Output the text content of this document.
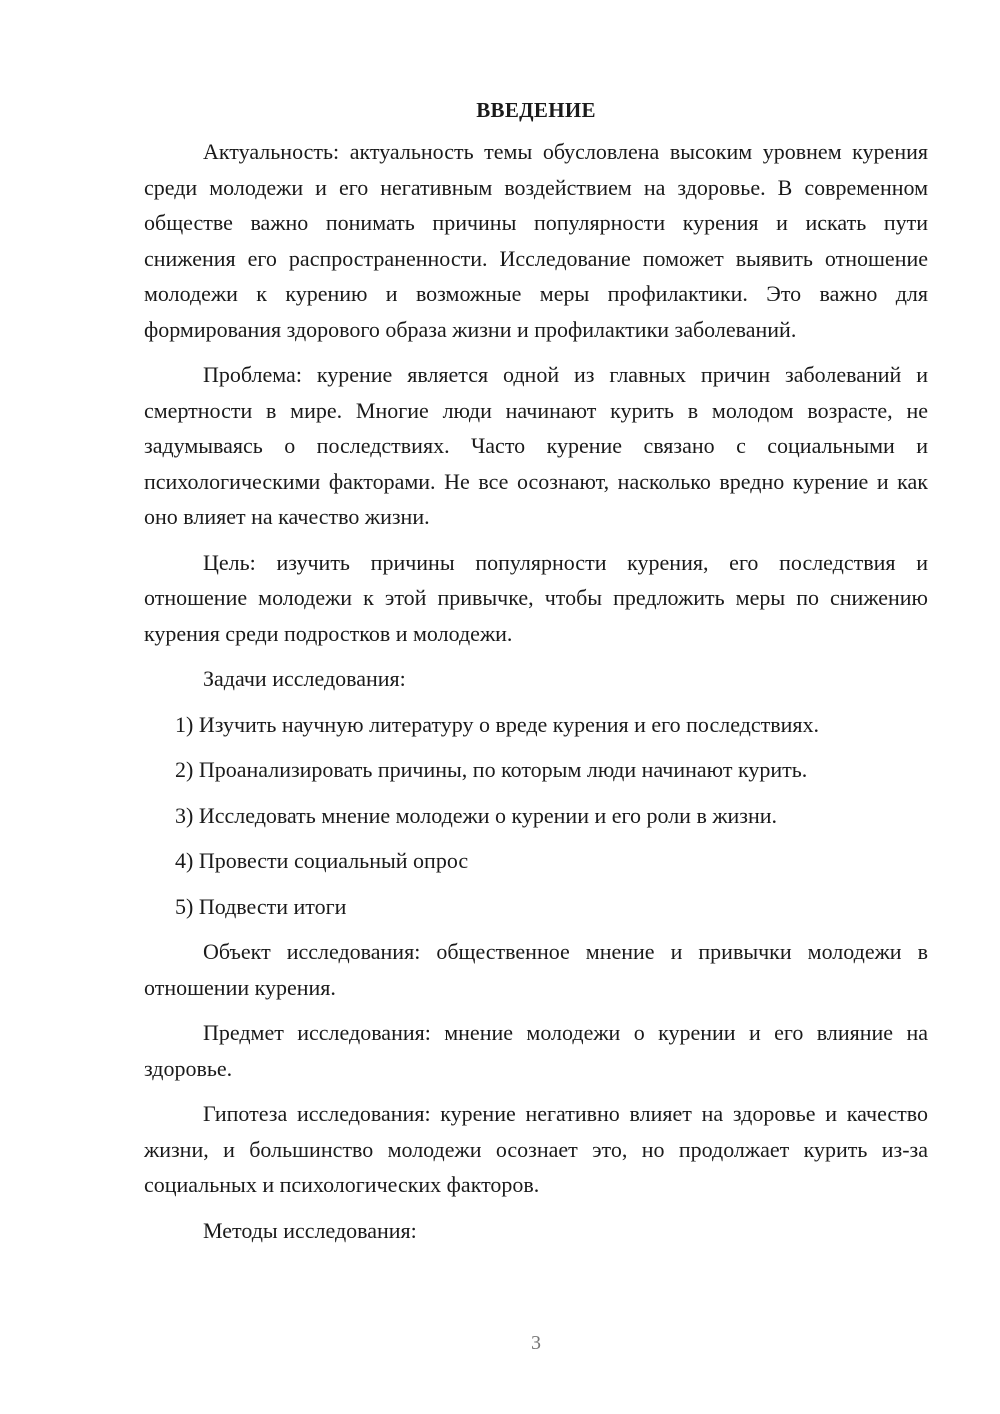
ВВЕДЕНИЕ

Актуальность: актуальность темы обусловлена высоким уровнем курения среди молодежи и его негативным воздействием на здоровье. В современном обществе важно понимать причины популярности курения и искать пути снижения его распространенности. Исследование поможет выявить отношение молодежи к курению и возможные меры профилактики. Это важно для формирования здорового образа жизни и профилактики заболеваний.

Проблема: курение является одной из главных причин заболеваний и смертности в мире. Многие люди начинают курить в молодом возрасте, не задумываясь о последствиях. Часто курение связано с социальными и психологическими факторами. Не все осознают, насколько вредно курение и как оно влияет на качество жизни.

Цель: изучить причины популярности курения, его последствия и отношение молодежи к этой привычке, чтобы предложить меры по снижению курения среди подростков и молодежи.

Задачи исследования:

1) Изучить научную литературу о вреде курения и его последствиях.
2) Проанализировать причины, по которым люди начинают курить.
3) Исследовать мнение молодежи о курении и его роли в жизни.
4) Провести социальный опрос
5) Подвести итоги

Объект исследования: общественное мнение и привычки молодежи в отношении курения.

Предмет исследования: мнение молодежи о курении и его влияние на здоровье.

Гипотеза исследования: курение негативно влияет на здоровье и качество жизни, и большинство молодежи осознает это, но продолжает курить из-за социальных и психологических факторов.

Методы исследования:

3
